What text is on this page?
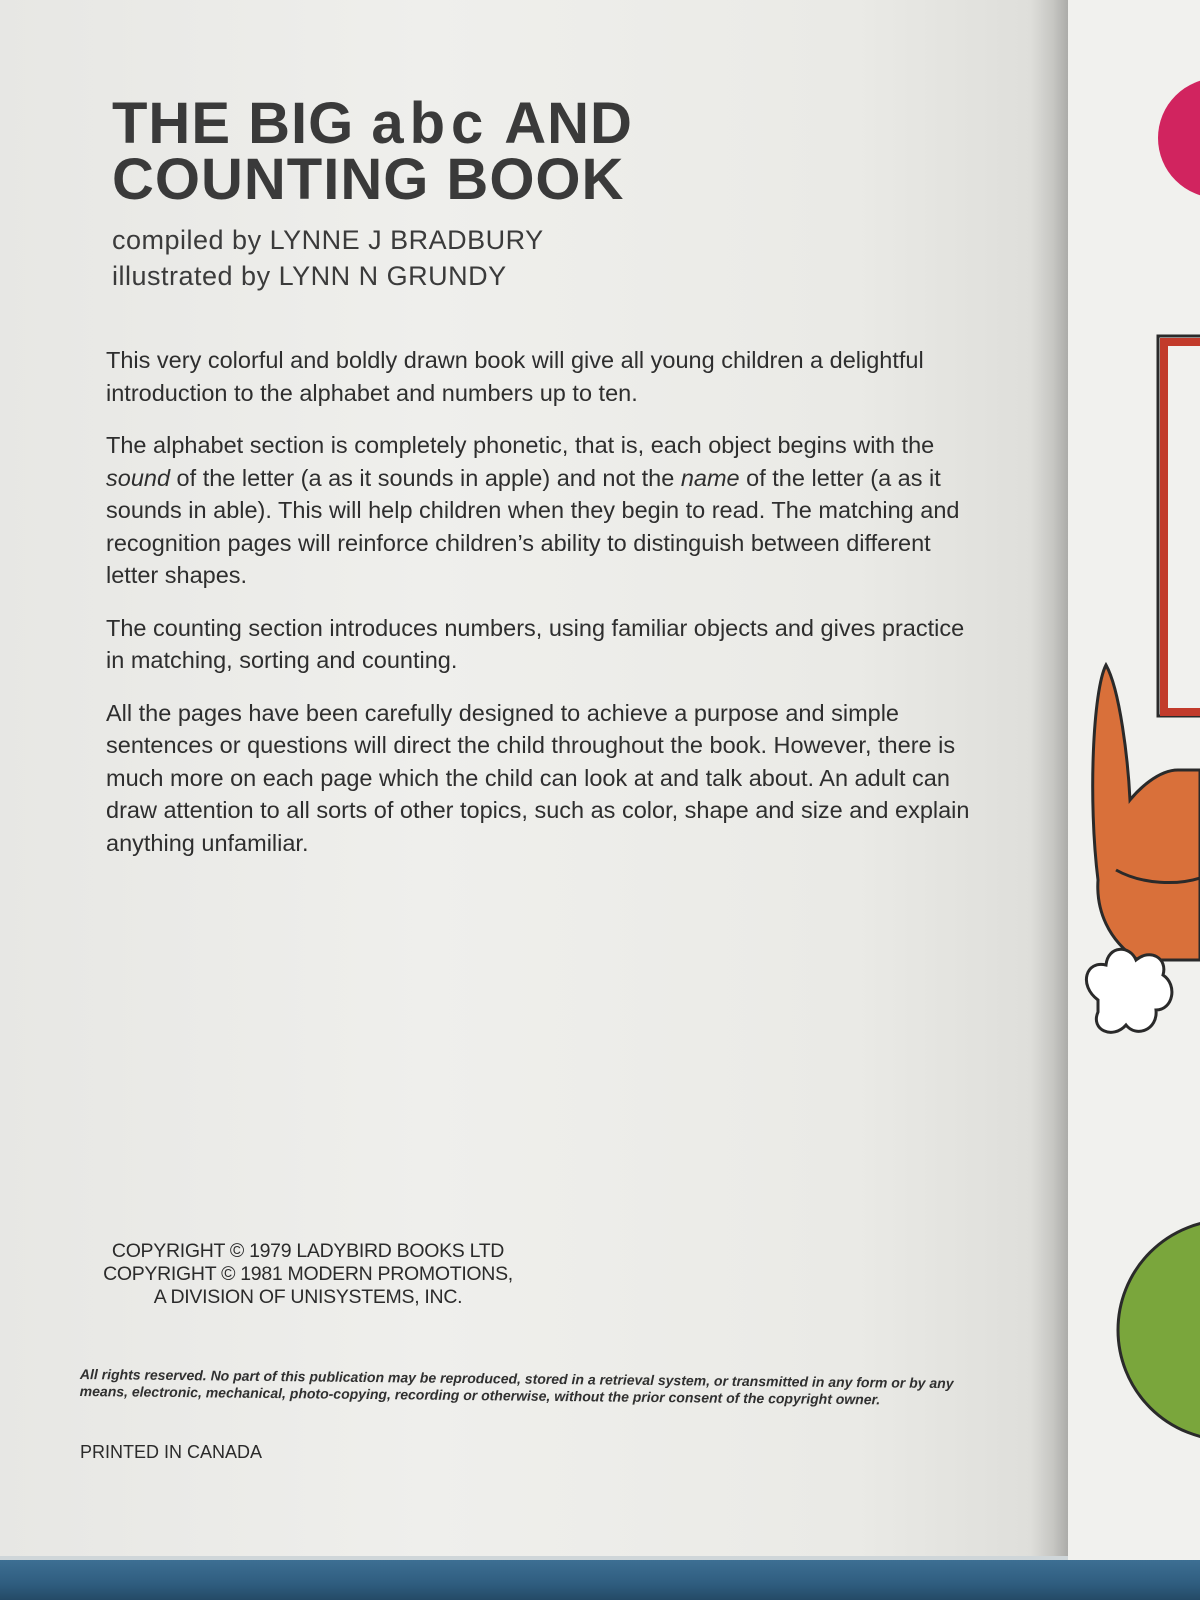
THE BIG abc AND
COUNTING BOOK
compiled by LYNNE J BRADBURY
illustrated by LYNN N GRUNDY

This very colorful and boldly drawn book will give all young children a delightful introduction to the alphabet and numbers up to ten.

The alphabet section is completely phonetic, that is, each object begins with the sound of the letter (a as it sounds in apple) and not the name of the letter (a as it sounds in able). This will help children when they begin to read. The matching and recognition pages will reinforce children’s ability to distinguish between different letter shapes.

The counting section introduces numbers, using familiar objects and gives practice in matching, sorting and counting.

All the pages have been carefully designed to achieve a purpose and simple sentences or questions will direct the child throughout the book. However, there is much more on each page which the child can look at and talk about. An adult can draw attention to all sorts of other topics, such as color, shape and size and explain anything unfamiliar.

COPYRIGHT © 1979 LADYBIRD BOOKS LTD
COPYRIGHT © 1981 MODERN PROMOTIONS,
A DIVISION OF UNISYSTEMS, INC.
All rights reserved. No part of this publication may be reproduced, stored in a retrieval system, or transmitted in any form or by any means, electronic, mechanical, photo-copying, recording or otherwise, without the prior consent of the copyright owner.
PRINTED IN CANADA
